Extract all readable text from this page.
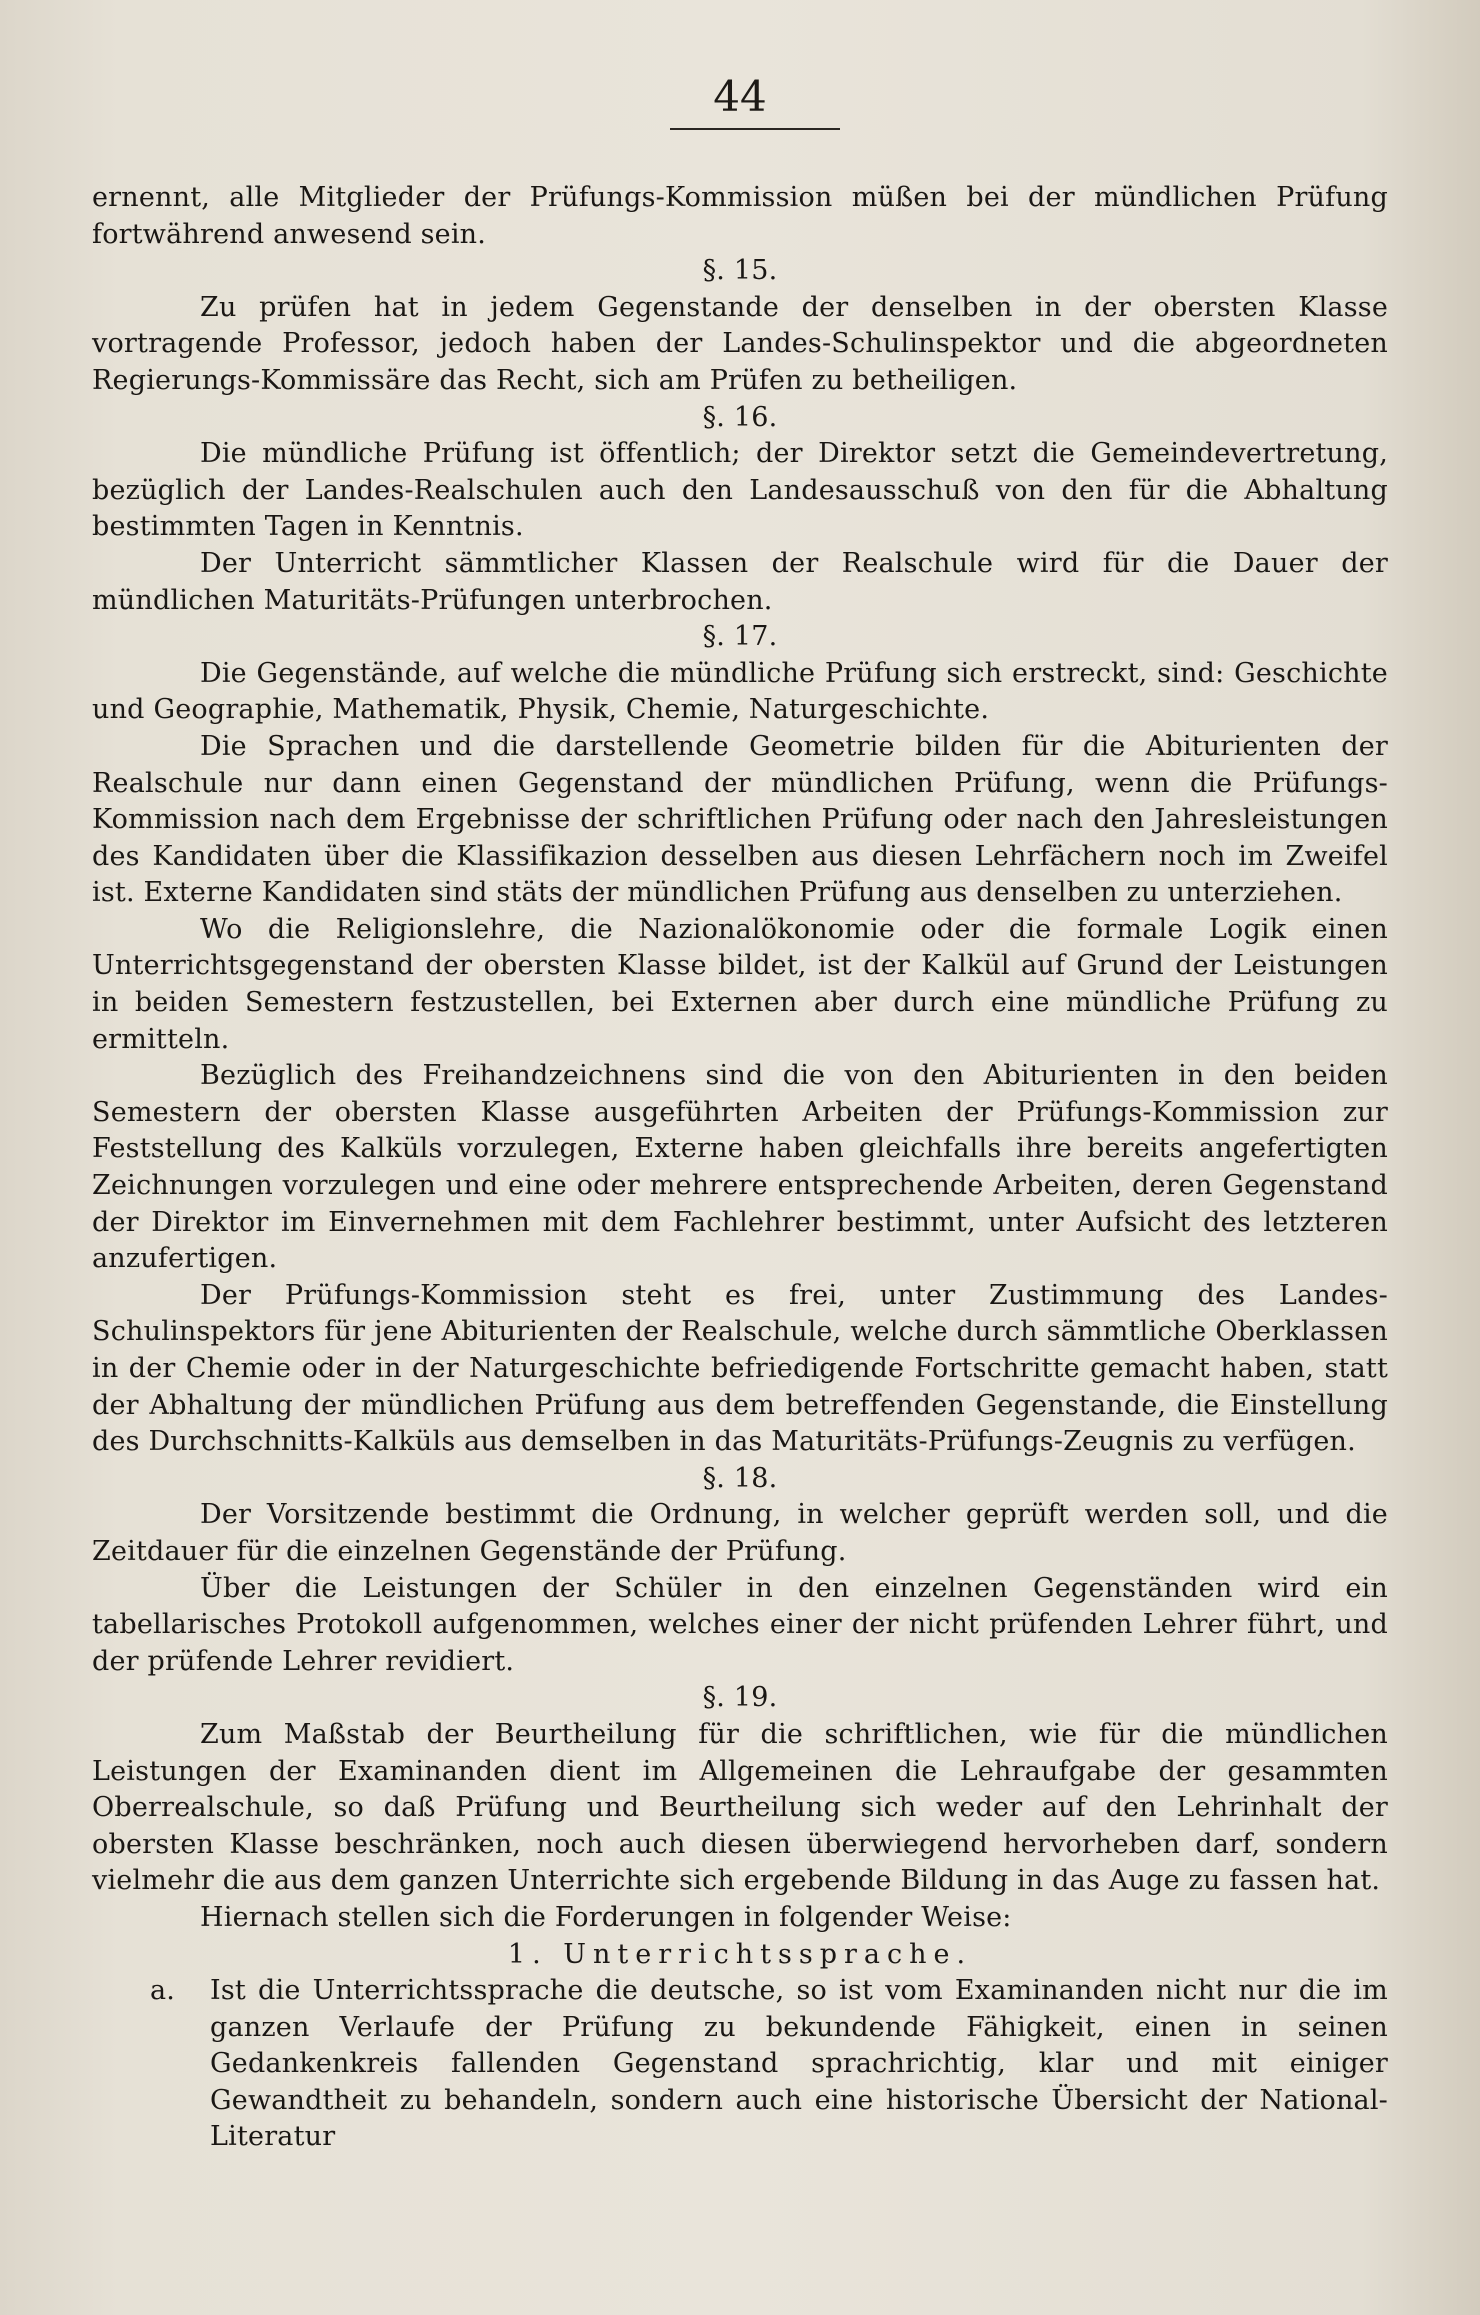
44

ernennt, alle Mitglieder der Prüfungs-Kommission müßen bei der mündlichen Prüfung fortwährend anwesend sein.

§. 15.

Zu prüfen hat in jedem Gegenstande der denselben in der obersten Klasse vortragende Professor, jedoch haben der Landes-Schulinspektor und die abgeordneten Regierungs-Kommissäre das Recht, sich am Prüfen zu betheiligen.

§. 16.

Die mündliche Prüfung ist öffentlich; der Direktor setzt die Gemeindevertretung, bezüglich der Landes-Realschulen auch den Landesausschuß von den für die Abhaltung bestimmten Tagen in Kenntnis.

Der Unterricht sämmtlicher Klassen der Realschule wird für die Dauer der mündlichen Maturitäts-Prüfungen unterbrochen.

§. 17.

Die Gegenstände, auf welche die mündliche Prüfung sich erstreckt, sind: Geschichte und Geographie, Mathematik, Physik, Chemie, Naturgeschichte.

Die Sprachen und die darstellende Geometrie bilden für die Abiturienten der Realschule nur dann einen Gegenstand der mündlichen Prüfung, wenn die Prüfungs-Kommission nach dem Ergebnisse der schriftlichen Prüfung oder nach den Jahresleistungen des Kandidaten über die Klassifikazion desselben aus diesen Lehrfächern noch im Zweifel ist. Externe Kandidaten sind stäts der mündlichen Prüfung aus denselben zu unterziehen.

Wo die Religionslehre, die Nazionalökonomie oder die formale Logik einen Unterrichtsgegenstand der obersten Klasse bildet, ist der Kalkül auf Grund der Leistungen in beiden Semestern festzustellen, bei Externen aber durch eine mündliche Prüfung zu ermitteln.

Bezüglich des Freihandzeichnens sind die von den Abiturienten in den beiden Semestern der obersten Klasse ausgeführten Arbeiten der Prüfungs-Kommission zur Feststellung des Kalküls vorzulegen, Externe haben gleichfalls ihre bereits angefertigten Zeichnungen vorzulegen und eine oder mehrere entsprechende Arbeiten, deren Gegenstand der Direktor im Einvernehmen mit dem Fachlehrer bestimmt, unter Aufsicht des letzteren anzufertigen.

Der Prüfungs-Kommission steht es frei, unter Zustimmung des Landes-Schulinspektors für jene Abiturienten der Realschule, welche durch sämmtliche Oberklassen in der Chemie oder in der Naturgeschichte befriedigende Fortschritte gemacht haben, statt der Abhaltung der mündlichen Prüfung aus dem betreffenden Gegenstande, die Einstellung des Durchschnitts-Kalküls aus demselben in das Maturitäts-Prüfungs-Zeugnis zu verfügen.

§. 18.

Der Vorsitzende bestimmt die Ordnung, in welcher geprüft werden soll, und die Zeitdauer für die einzelnen Gegenstände der Prüfung.

Über die Leistungen der Schüler in den einzelnen Gegenständen wird ein tabellarisches Protokoll aufgenommen, welches einer der nicht prüfenden Lehrer führt, und der prüfende Lehrer revidiert.

§. 19.

Zum Maßstab der Beurtheilung für die schriftlichen, wie für die mündlichen Leistungen der Examinanden dient im Allgemeinen die Lehraufgabe der gesammten Oberrealschule, so daß Prüfung und Beurtheilung sich weder auf den Lehrinhalt der obersten Klasse beschränken, noch auch diesen überwiegend hervorheben darf, sondern vielmehr die aus dem ganzen Unterrichte sich ergebende Bildung in das Auge zu fassen hat.

Hiernach stellen sich die Forderungen in folgender Weise:

1. Unterrichtssprache.

a.	Ist die Unterrichtssprache die deutsche, so ist vom Examinanden nicht nur die im ganzen Verlaufe der Prüfung zu bekundende Fähigkeit, einen in seinen Gedankenkreis fallenden Gegenstand sprachrichtig, klar und mit einiger Gewandtheit zu behandeln, sondern auch eine historische Übersicht der National-Literatur
